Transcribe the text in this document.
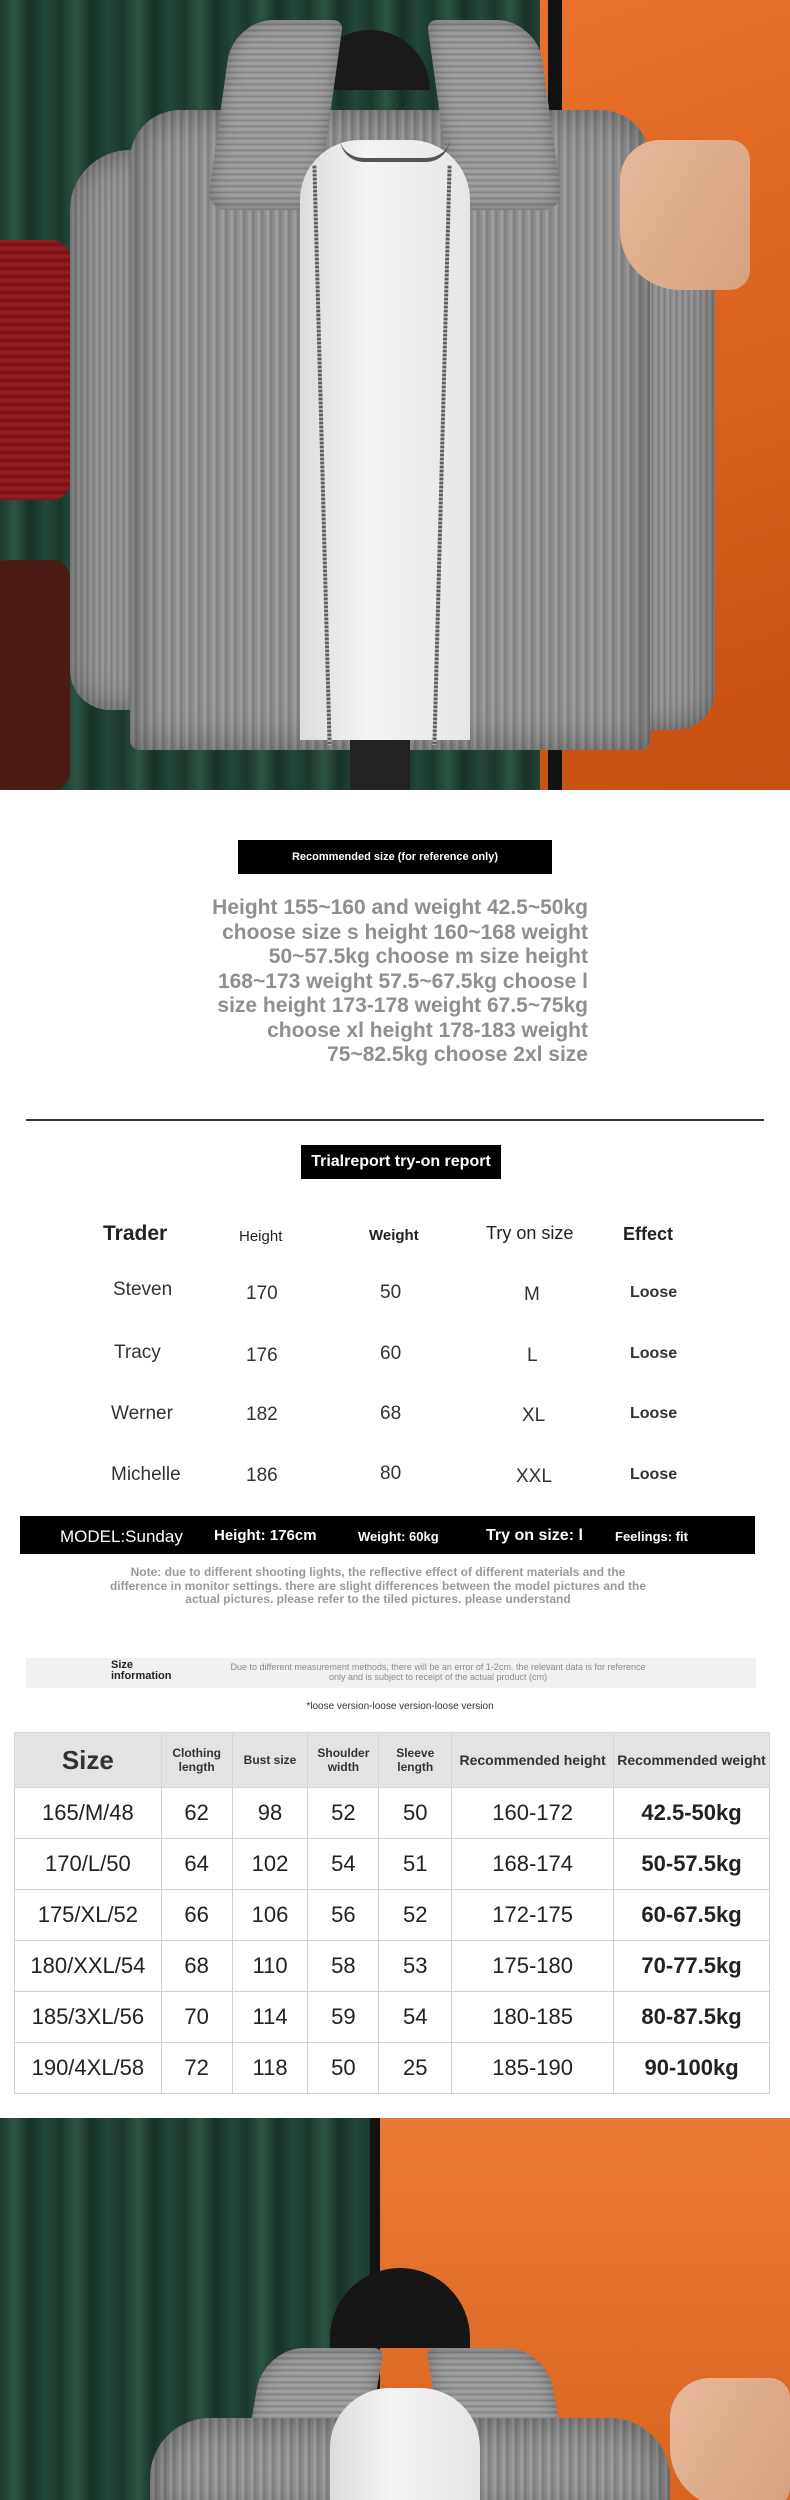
Recommended size (for reference only)
Height 155~160 and weight 42.5~50kg choose size s height 160~168 weight 50~57.5kg choose m size height 168~173 weight 57.5~67.5kg choose l size height 173-178 weight 67.5~75kg choose xl height 178-183 weight 75~82.5kg choose 2xl size
Trialreport try-on report
Trader	Height	Weight	Try on size	Effect
Steven	170	50	M	Loose
Tracy	176	60	L	Loose
Werner	182	68	XL	Loose
Michelle	186	80	XXL	Loose
MODEL:Sunday Height: 176cm	Weight: 60kg	Try on size: l Feelings: fit
Note: due to different shooting lights, the reflective effect of different materials and the difference in monitor settings. there are slight differences between the model pictures and the actual pictures. please refer to the tiled pictures. please understand
Size information
Due to different measurement methods, there will be an error of 1-2cm. the relevant data is for reference only and is subject to receipt of the actual product (cm)
*loose version-loose version-loose version
Size	Clothing length	Bust size	Shoulder width	Sleeve length	Recommended height	Recommended weight
165/M/48	62	98	52	50	160-172	42.5-50kg
170/L/50	64	102	54	51	168-174	50-57.5kg
175/XL/52	66	106	56	52	172-175	60-67.5kg
180/XXL/54	68	110	58	53	175-180	70-77.5kg
185/3XL/56	70	114	59	54	180-185	80-87.5kg
190/4XL/58	72	118	50	25	185-190	90-100kg
